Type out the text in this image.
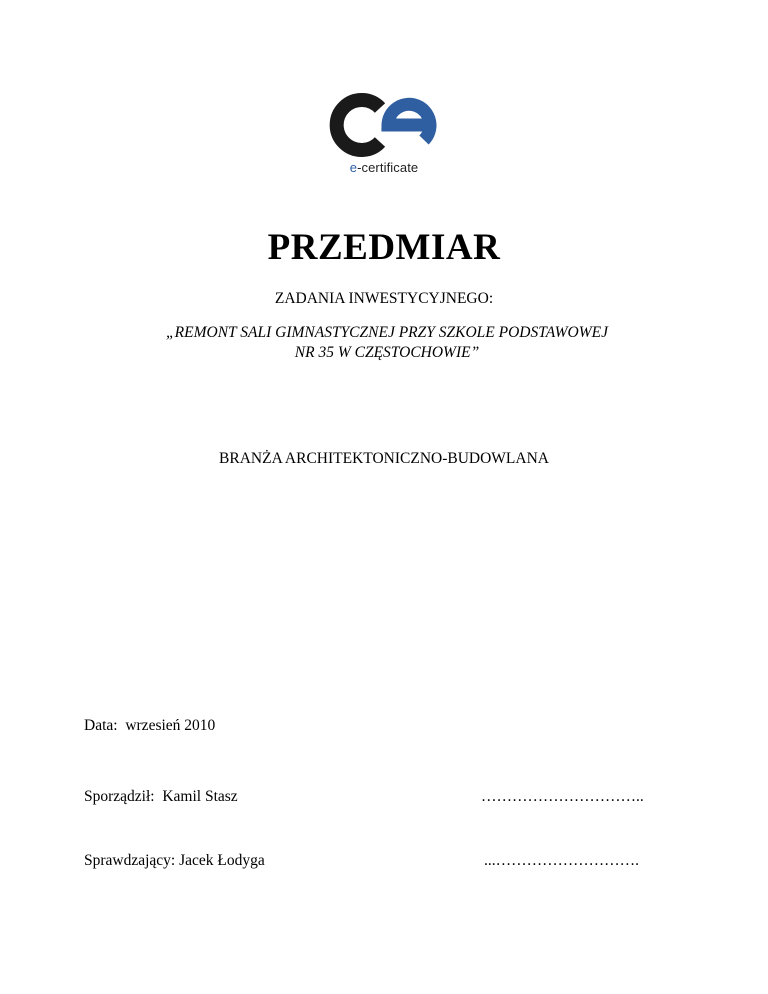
e-certificate
PRZEDMIAR
ZADANIA INWESTYCYJNEGO:
„REMONT SALI GIMNASTYCZNEJ PRZY SZKOLE PODSTAWOWEJ
NR 35 W CZĘSTOCHOWIE”
BRANŻA ARCHITEKTONICZNO-BUDOWLANA
Data: wrzesień 2010
Sporządził: Kamil Stasz	…………………………..
Sprawdzający: Jacek Łodyga	...……………………….
